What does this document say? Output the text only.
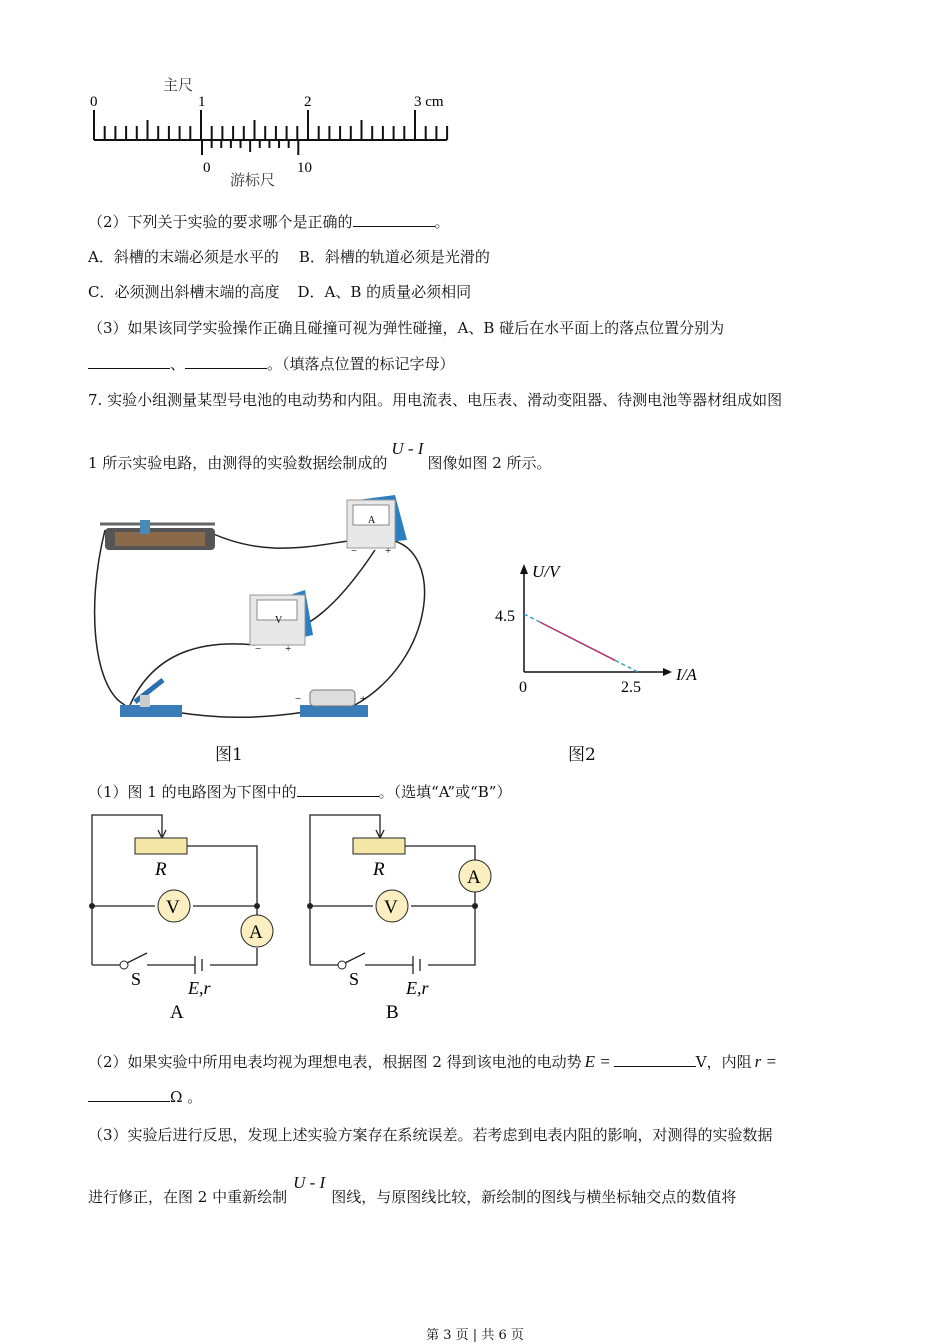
主尺
0	1	2	3 cm
0	10
游标尺
（2）下列关于实验的要求哪个是正确的	。
A．斜槽的末端必须是水平的 B．斜槽的轨道必须是光滑的
C．必须测出斜槽末端的高度 D．A、B 的质量必须相同
（3）如果该同学实验操作正确且碰撞可视为弹性碰撞，A、B 碰后在水平面上的落点位置分别为
、	。（填落点位置的标记字母）
7. 实验小组测量某型号电池的电动势和内阻。用电流表、电压表、滑动变阻器、待测电池等器材组成如图
1 所示实验电路，由测得的实验数据绘制成的U - I图像如图 2 所示。
A
−	+
V
− +
−	+
U/V
I/A
4.5
0	2.5
图1	图2
（1）图 1 的电路图为下图中的	。（选填“A”或“B”）
R
V
A
S	E,r
A
R
V
A
S	E,r
B
（2）如果实验中所用电表均视为理想电表，根据图 2 得到该电池的电动势 E =	V，内阻 r =
Ω 。
（3）实验后进行反思，发现上述实验方案存在系统误差。若考虑到电表内阻的影响，对测得的实验数据
进行修正，在图 2 中重新绘制U - I图线，与原图线比较，新绘制的图线与横坐标轴交点的数值将
第 3 页 | 共 6 页
